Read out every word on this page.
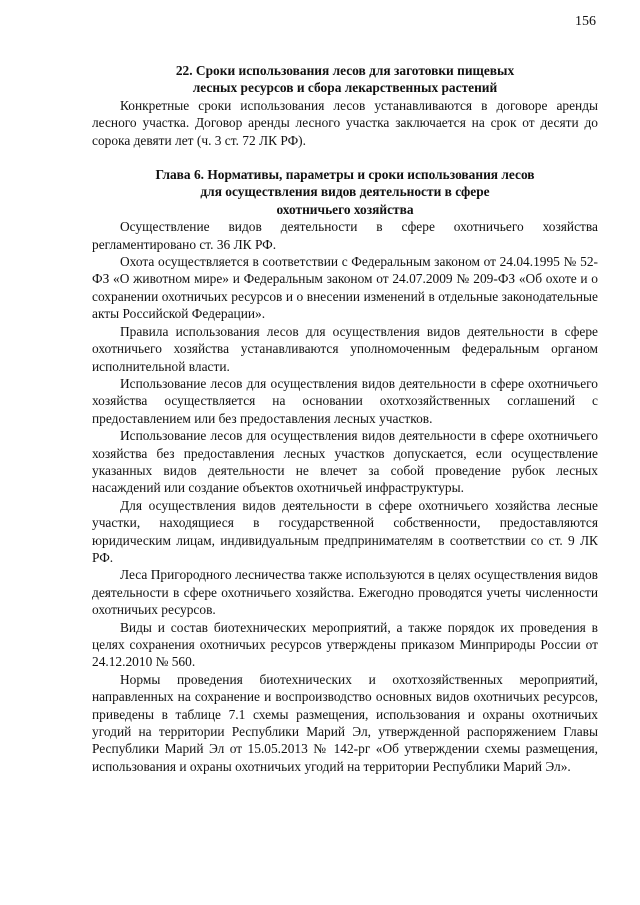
156
22. Сроки использования лесов для заготовки пищевых
лесных ресурсов и сбора лекарственных растений

Конкретные сроки использования лесов устанавливаются в договоре аренды лесного участка. Договор аренды лесного участка заключается на срок от десяти до сорока девяти лет (ч. 3 ст. 72 ЛК РФ).

Глава 6. Нормативы, параметры и сроки использования лесов
для осуществления видов деятельности в сфере
охотничьего хозяйства

Осуществление видов деятельности в сфере охотничьего хозяйства регламентировано ст. 36 ЛК РФ.

Охота осуществляется в соответствии с Федеральным законом от 24.04.1995 № 52-ФЗ «О животном мире» и Федеральным законом от 24.07.2009 № 209-ФЗ «Об охоте и о сохранении охотничьих ресурсов и о внесении изменений в отдельные законодательные акты Российской Федерации».

Правила использования лесов для осуществления видов деятельности в сфере охотничьего хозяйства устанавливаются уполномоченным федеральным органом исполнительной власти.

Использование лесов для осуществления видов деятельности в сфере охотничьего хозяйства осуществляется на основании охотхозяйственных соглашений с предоставлением или без предоставления лесных участков.

Использование лесов для осуществления видов деятельности в сфере охотничьего хозяйства без предоставления лесных участков допускается, если осуществление указанных видов деятельности не влечет за собой проведение рубок лесных насаждений или создание объектов охотничьей инфраструктуры.

Для осуществления видов деятельности в сфере охотничьего хозяйства лесные участки, находящиеся в государственной собственности, предоставляются юридическим лицам, индивидуальным предпринимателям в соответствии со ст. 9 ЛК РФ.

Леса Пригородного лесничества также используются в целях осуществления видов деятельности в сфере охотничьего хозяйства. Ежегодно проводятся учеты численности охотничьих ресурсов.

Виды и состав биотехнических мероприятий, а также порядок их проведения в целях сохранения охотничьих ресурсов утверждены приказом Минприроды России от 24.12.2010 № 560.

Нормы проведения биотехнических и охотхозяйственных мероприятий, направленных на сохранение и воспроизводство основных видов охотничьих ресурсов, приведены в таблице 7.1 схемы размещения, использования и охраны охотничьих угодий на территории Республики Марий Эл, утвержденной распоряжением Главы Республики Марий Эл от 15.05.2013 № 142-рг «Об утверждении схемы размещения, использования и охраны охотничьих угодий на территории Республики Марий Эл».
